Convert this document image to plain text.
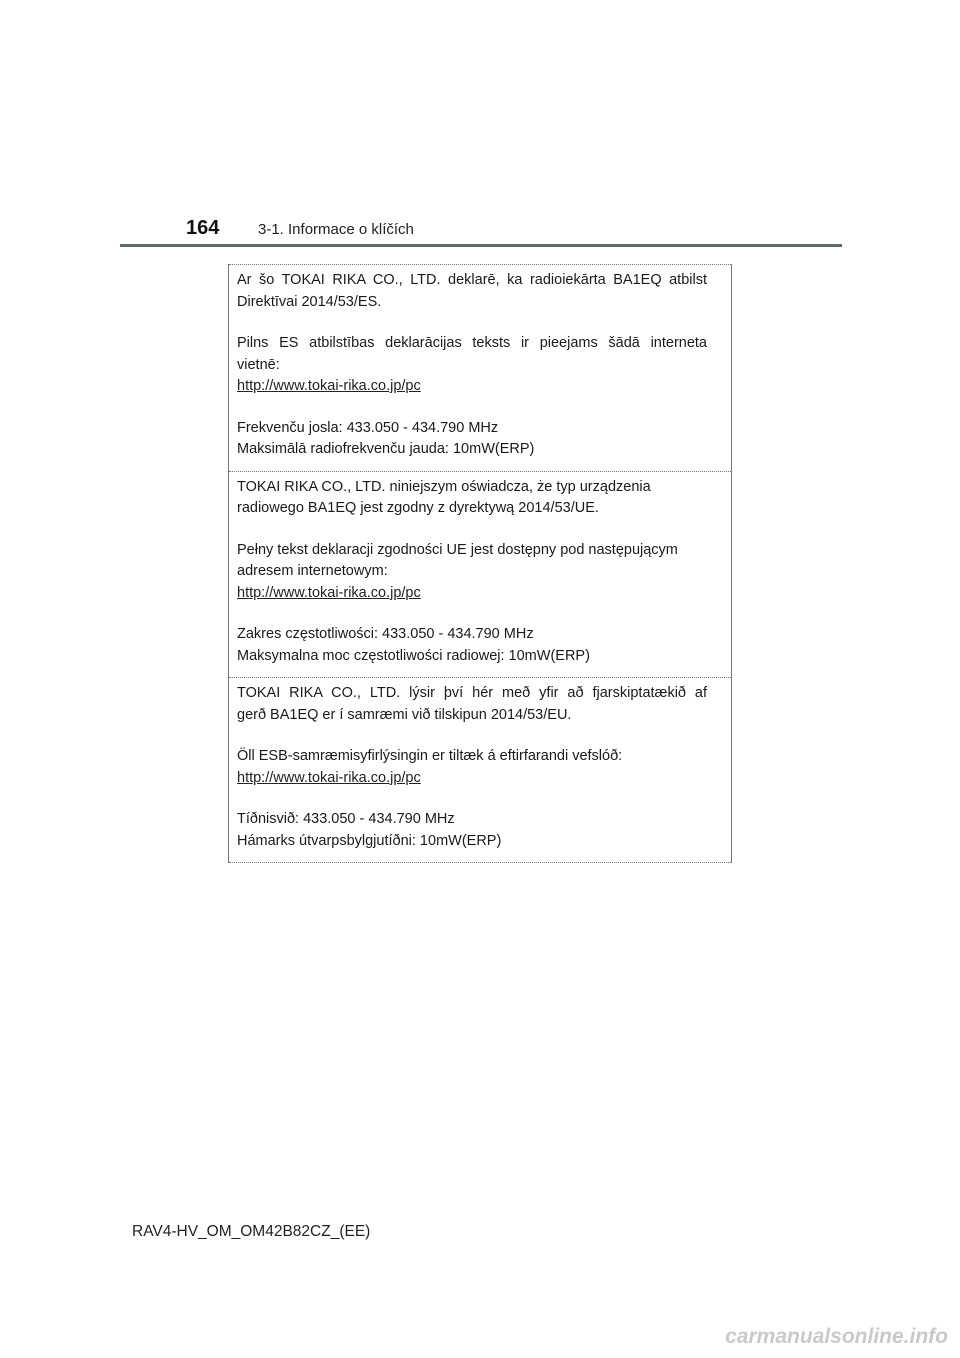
164	3-1. Informace o klíčích

Ar šo TOKAI RIKA CO., LTD. deklarē, ka radioiekārta BA1EQ atbilst

Direktīvai 2014/53/ES.

Pilns ES atbilstības deklarācijas teksts ir pieejams šādā interneta

vietnē:

http://www.tokai-rika.co.jp/pc

Frekvenču josla: 433.050 - 434.790 MHz

Maksimālā radiofrekvenču jauda: 10mW(ERP)

TOKAI RIKA CO., LTD. niniejszym oświadcza, że typ urządzenia

radiowego BA1EQ jest zgodny z dyrektywą 2014/53/UE.

Pełny tekst deklaracji zgodności UE jest dostępny pod następującym

adresem internetowym:

http://www.tokai-rika.co.jp/pc

Zakres częstotliwości: 433.050 - 434.790 MHz

Maksymalna moc częstotliwości radiowej: 10mW(ERP)

TOKAI RIKA CO., LTD. lýsir því hér með yfir að fjarskiptatækið af

gerð BA1EQ er í samræmi við tilskipun 2014/53/EU.

Öll ESB-samræmisyfirlýsingin er tiltæk á eftirfarandi vefslóð:

http://www.tokai-rika.co.jp/pc

Tíðnisvið: 433.050 - 434.790 MHz

Hámarks útvarpsbylgjutíðni: 10mW(ERP)

RAV4-HV_OM_OM42B82CZ_(EE)
carmanualsonline.info
